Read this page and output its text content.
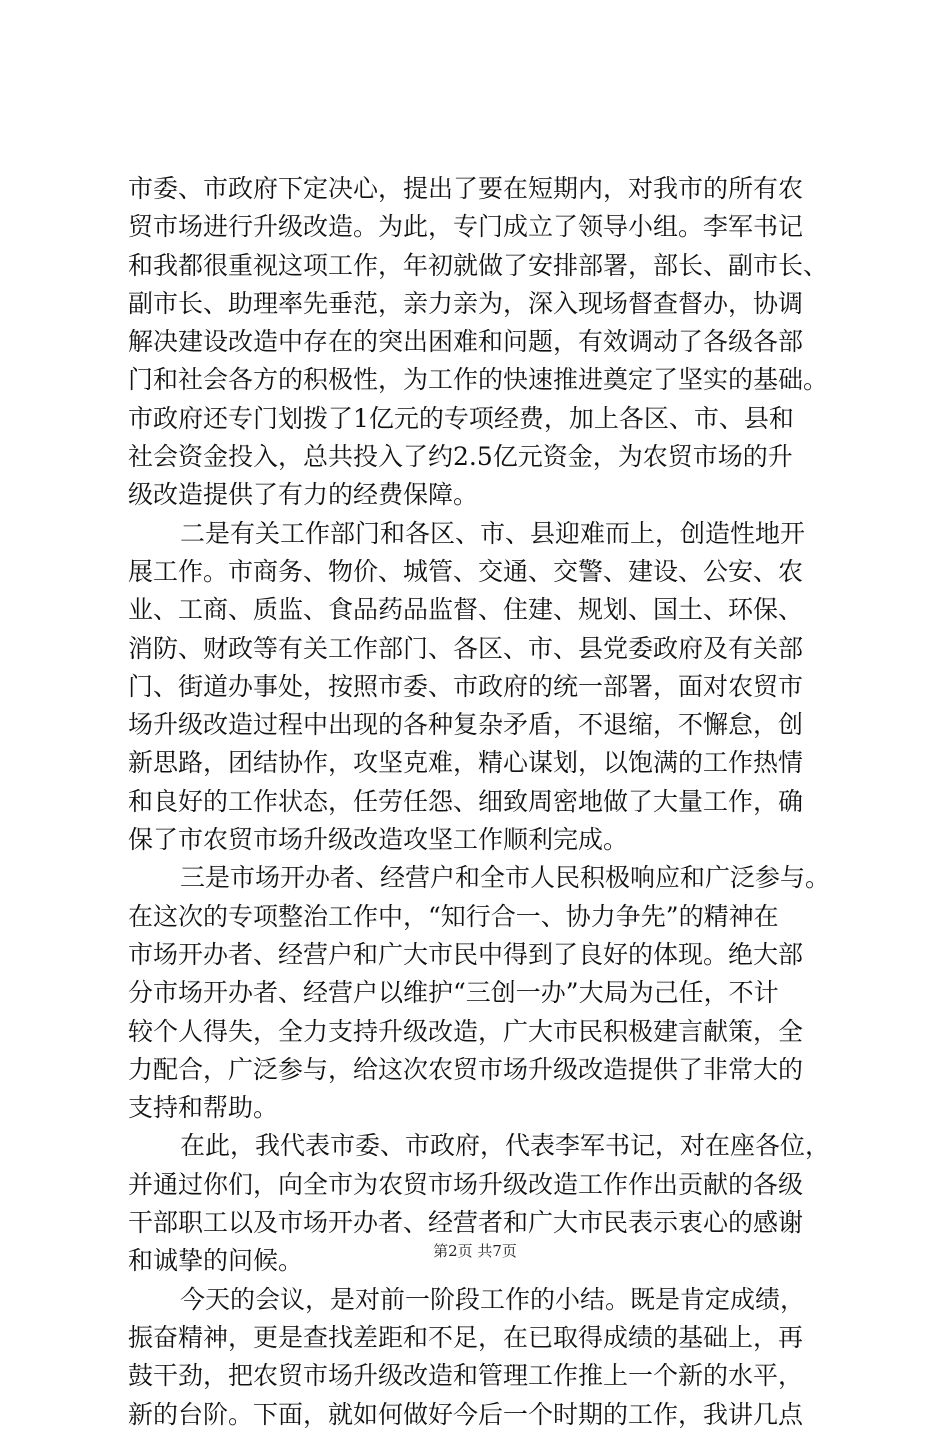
市委、市政府下定决心，提出了要在短期内，对我市的所有农
贸市场进行升级改造。为此，专门成立了领导小组。李军书记
和我都很重视这项工作，年初就做了安排部署，部长、副市长、
副市长、助理率先垂范，亲力亲为，深入现场督查督办，协调
解决建设改造中存在的突出困难和问题，有效调动了各级各部
门和社会各方的积极性，为工作的快速推进奠定了坚实的基础。
市政府还专门划拨了1亿元的专项经费，加上各区、市、县和
社会资金投入，总共投入了约2.5亿元资金，为农贸市场的升
级改造提供了有力的经费保障。
二是有关工作部门和各区、市、县迎难而上，创造性地开
展工作。市商务、物价、城管、交通、交警、建设、公安、农
业、工商、质监、食品药品监督、住建、规划、国土、环保、
消防、财政等有关工作部门、各区、市、县党委政府及有关部
门、街道办事处，按照市委、市政府的统一部署，面对农贸市
场升级改造过程中出现的各种复杂矛盾，不退缩，不懈怠，创
新思路，团结协作，攻坚克难，精心谋划，以饱满的工作热情
和良好的工作状态，任劳任怨、细致周密地做了大量工作，确
保了市农贸市场升级改造攻坚工作顺利完成。
三是市场开办者、经营户和全市人民积极响应和广泛参与。
在这次的专项整治工作中，“知行合一、协力争先”的精神在
市场开办者、经营户和广大市民中得到了良好的体现。绝大部
分市场开办者、经营户以维护“三创一办”大局为己任，不计
较个人得失，全力支持升级改造，广大市民积极建言献策，全
力配合，广泛参与，给这次农贸市场升级改造提供了非常大的
支持和帮助。
在此，我代表市委、市政府，代表李军书记，对在座各位，
并通过你们，向全市为农贸市场升级改造工作作出贡献的各级
干部职工以及市场开办者、经营者和广大市民表示衷心的感谢
和诚挚的问候。
今天的会议，是对前一阶段工作的小结。既是肯定成绩，
振奋精神，更是查找差距和不足，在已取得成绩的基础上，再
鼓干劲，把农贸市场升级改造和管理工作推上一个新的水平，
新的台阶。下面，就如何做好今后一个时期的工作，我讲几点
第2页 共7页
